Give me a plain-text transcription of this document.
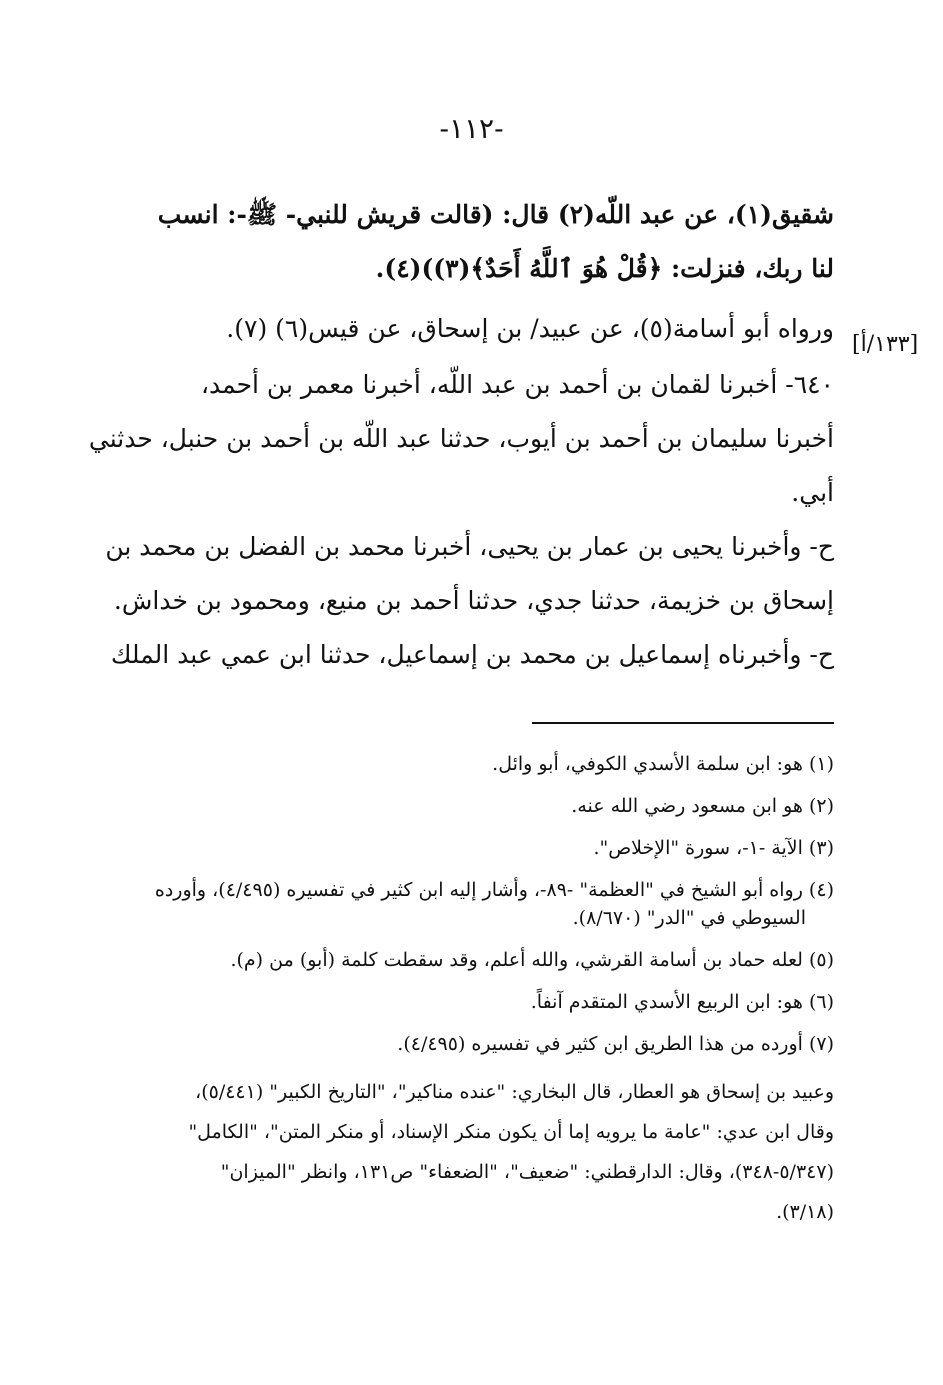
-١١٢-
[١٣٣/أ]

شقيق(١)، عن عبد اللّه(٢) قال: (قالت قريش للنبي- ﷺ-: انسب

لنا ربك، فنزلت: ﴿قُلْ هُوَ ٱللَّهُ أَحَدٌ﴾(٣))(٤).

ورواه أبو أسامة(٥)، عن عبيد/ بن إسحاق، عن قيس(٦) (٧).

٦٤٠- أخبرنا لقمان بن أحمد بن عبد اللّه، أخبرنا معمر بن أحمد،

أخبرنا سليمان بن أحمد بن أيوب، حدثنا عبد اللّه بن أحمد بن حنبل، حدثني

أبي.

ح- وأخبرنا يحيى بن عمار بن يحيى، أخبرنا محمد بن الفضل بن محمد بن

إسحاق بن خزيمة، حدثنا جدي، حدثنا أحمد بن منيع، ومحمود بن خداش.

ح- وأخبرناه إسماعيل بن محمد بن إسماعيل، حدثنا ابن عمي عبد الملك

(١) هو: ابن سلمة الأسدي الكوفي، أبو وائل.

(٢) هو ابن مسعود رضي الله عنه.

(٣) الآية -١-، سورة "الإخلاص".

(٤) رواه أبو الشيخ في "العظمة" -٨٩-، وأشار إليه ابن كثير في تفسيره (٤/٤٩٥)، وأورده

السيوطي في "الدر" (٨/٦٧٠).

(٥) لعله حماد بن أسامة القرشي، والله أعلم، وقد سقطت كلمة (أبو) من (م).

(٦) هو: ابن الربيع الأسدي المتقدم آنفاً.

(٧) أورده من هذا الطريق ابن كثير في تفسيره (٤/٤٩٥).

وعبيد بن إسحاق هو العطار، قال البخاري: "عنده مناكير"، "التاريخ الكبير" (٥/٤٤١)،

وقال ابن عدي: "عامة ما يرويه إما أن يكون منكر الإسناد، أو منكر المتن"، "الكامل"

(٥/٣٤٧-٣٤٨)، وقال: الدارقطني: "ضعيف"، "الضعفاء" ص١٣١، وانظر "الميزان"

(٣/١٨).
